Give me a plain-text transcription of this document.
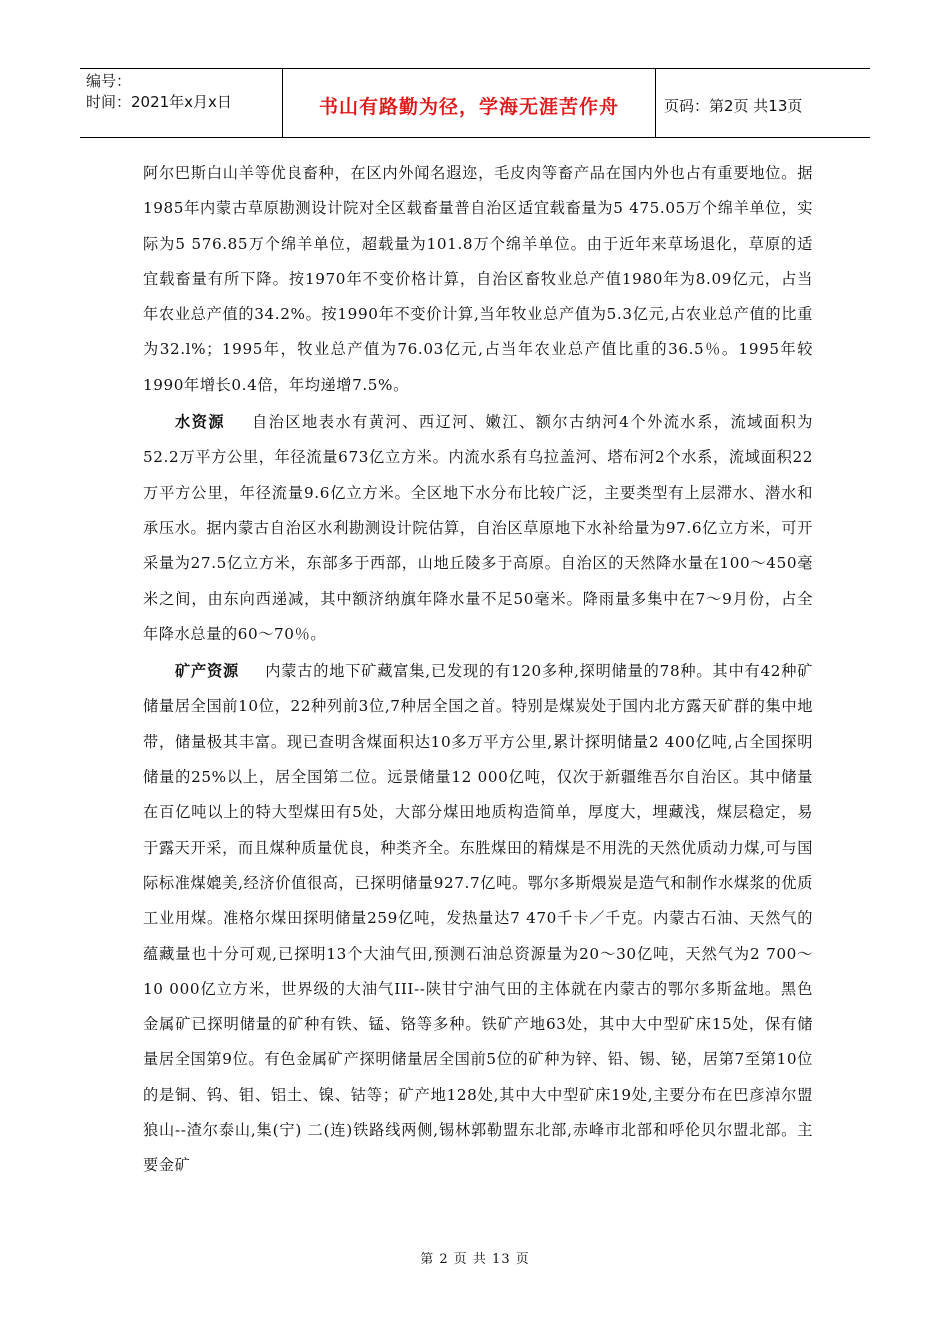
编号：
时间：2021年x月x日	书山有路勤为径，学海无涯苦作舟	页码：第2页 共13页

阿尔巴斯白山羊等优良畜种，在区内外闻名遐迩，毛皮肉等畜产品在国内外也占有重要地位。据1985年内蒙古草原勘测设计院对全区载畜量普自治区适宜载畜量为5 475.05万个绵羊单位，实际为5 576.85万个绵羊单位，超载量为101.8万个绵羊单位。由于近年来草场退化，草原的适宜载畜量有所下降。按1970年不变价格计算，自治区畜牧业总产值1980年为8.09亿元，占当年农业总产值的34.2%。按1990年不变价计算,当年牧业总产值为5.3亿元,占农业总产值的比重为32.l%；1995年，牧业总产值为76.03亿元,占当年农业总产值比重的36.5％。1995年较1990年增长0.4倍，年均递增7.5%。

水资源 自治区地表水有黄河、西辽河、嫩江、额尔古纳河4个外流水系，流域面积为52.2万平方公里，年径流量673亿立方米。内流水系有乌拉盖河、塔布河2个水系，流域面积22万平方公里，年径流量9.6亿立方米。全区地下水分布比较广泛，主要类型有上层滞水、潜水和承压水。据内蒙古自治区水利勘测设计院估算，自治区草原地下水补给量为97.6亿立方米，可开采量为27.5亿立方米，东部多于西部，山地丘陵多于高原。自治区的天然降水量在100～450毫米之间，由东向西递减，其中额济纳旗年降水量不足50毫米。降雨量多集中在7～9月份，占全年降水总量的60～70％。

矿产资源 内蒙古的地下矿藏富集,已发现的有120多种,探明储量的78种。其中有42种矿储量居全国前10位，22种列前3位,7种居全国之首。特别是煤炭处于国内北方露天矿群的集中地带，储量极其丰富。现已查明含煤面积达10多万平方公里,累计探明储量2 400亿吨,占全国探明储量的25%以上，居全国第二位。远景储量12 000亿吨，仅次于新疆维吾尔自治区。其中储量在百亿吨以上的特大型煤田有5处，大部分煤田地质构造简单，厚度大，埋藏浅，煤层稳定，易于露天开采，而且煤种质量优良，种类齐全。东胜煤田的精煤是不用洗的天然优质动力煤,可与国际标准煤媲美,经济价值很高，已探明储量927.7亿吨。鄂尔多斯煨炭是造气和制作水煤浆的优质工业用煤。准格尔煤田探明储量259亿吨，发热量达7 470千卡／千克。内蒙古石油、天然气的蕴藏量也十分可观,已探明13个大油气田,预测石油总资源量为20～30亿吨，天然气为2 700～10 000亿立方米，世界级的大油气III--陕甘宁油气田的主体就在内蒙古的鄂尔多斯盆地。黑色金属矿已探明储量的矿种有铁、锰、铬等多种。铁矿产地63处，其中大中型矿床15处，保有储量居全国第9位。有色金属矿产探明储量居全国前5位的矿种为锌、铅、锡、铋，居第7至第10位的是铜、钨、钼、铝土、镍、钴等；矿产地128处,其中大中型矿床19处,主要分布在巴彦淖尔盟狼山--渣尔泰山,集(宁) 二(连)铁路线两侧,锡林郭勒盟东北部,赤峰市北部和呼伦贝尔盟北部。主要金矿

第 2 页 共 13 页
